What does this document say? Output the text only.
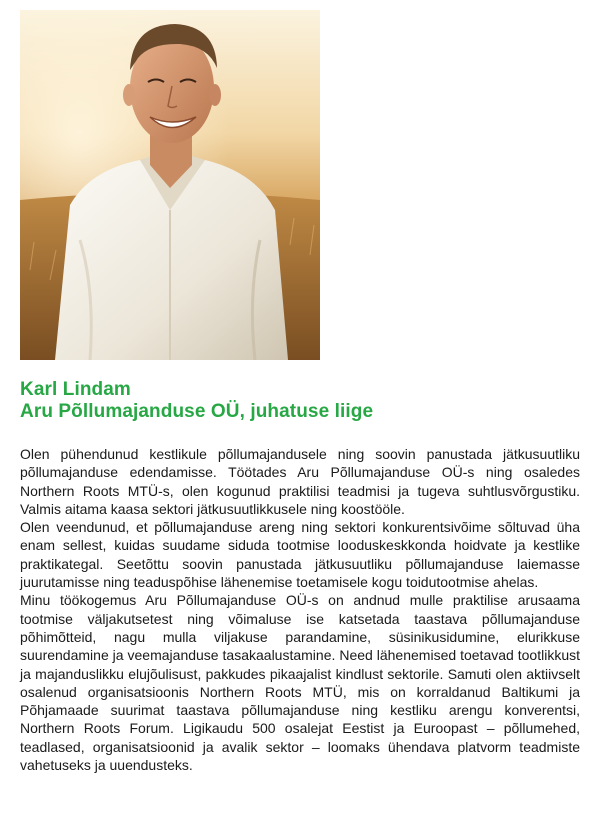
Karl Lindam
Aru Põllumajanduse OÜ, juhatuse liige

Olen pühendunud kestlikule põllumajandusele ning soovin panustada jätkusuutliku põllumajanduse edendamisse. Töötades Aru Põllumajanduse OÜ-s ning osaledes Northern Roots MTÜ-s, olen kogunud praktilisi teadmisi ja tugeva suhtlusvõrgustiku. Valmis aitama kaasa sektori jätkusuutlikkusele ning koostööle.

Olen veendunud, et põllumajanduse areng ning sektori konkurentsivõime sõltuvad üha enam sellest, kuidas suudame siduda tootmise looduskeskkonda hoidvate ja kestlike praktikategal. Seetõttu soovin panustada jätkusuutliku põllumajanduse laiemasse juurutamisse ning teaduspõhise lähenemise toetamisele kogu toidutootmise ahelas.

Minu töökogemus Aru Põllumajanduse OÜ-s on andnud mulle praktilise arusaama tootmise väljakutsetest ning võimaluse ise katsetada taastava põllumajanduse põhimõtteid, nagu mulla viljakuse parandamine, süsinikusidumine, elurikkuse suurendamine ja veemajanduse tasakaalustamine. Need lähenemised toetavad tootlikkust ja majanduslikku elujõulisust, pakkudes pikaajalist kindlust sektorile. Samuti olen aktiivselt osalenud organisatsioonis Northern Roots MTÜ, mis on korraldanud Baltikumi ja Põhjamaade suurimat taastava põllumajanduse ning kestliku arengu konverentsi, Northern Roots Forum. Ligikaudu 500 osalejat Eestist ja Euroopast – põllumehed, teadlased, organisatsioonid ja avalik sektor – loomaks ühendava platvorm teadmiste vahetuseks ja uuendusteks.
